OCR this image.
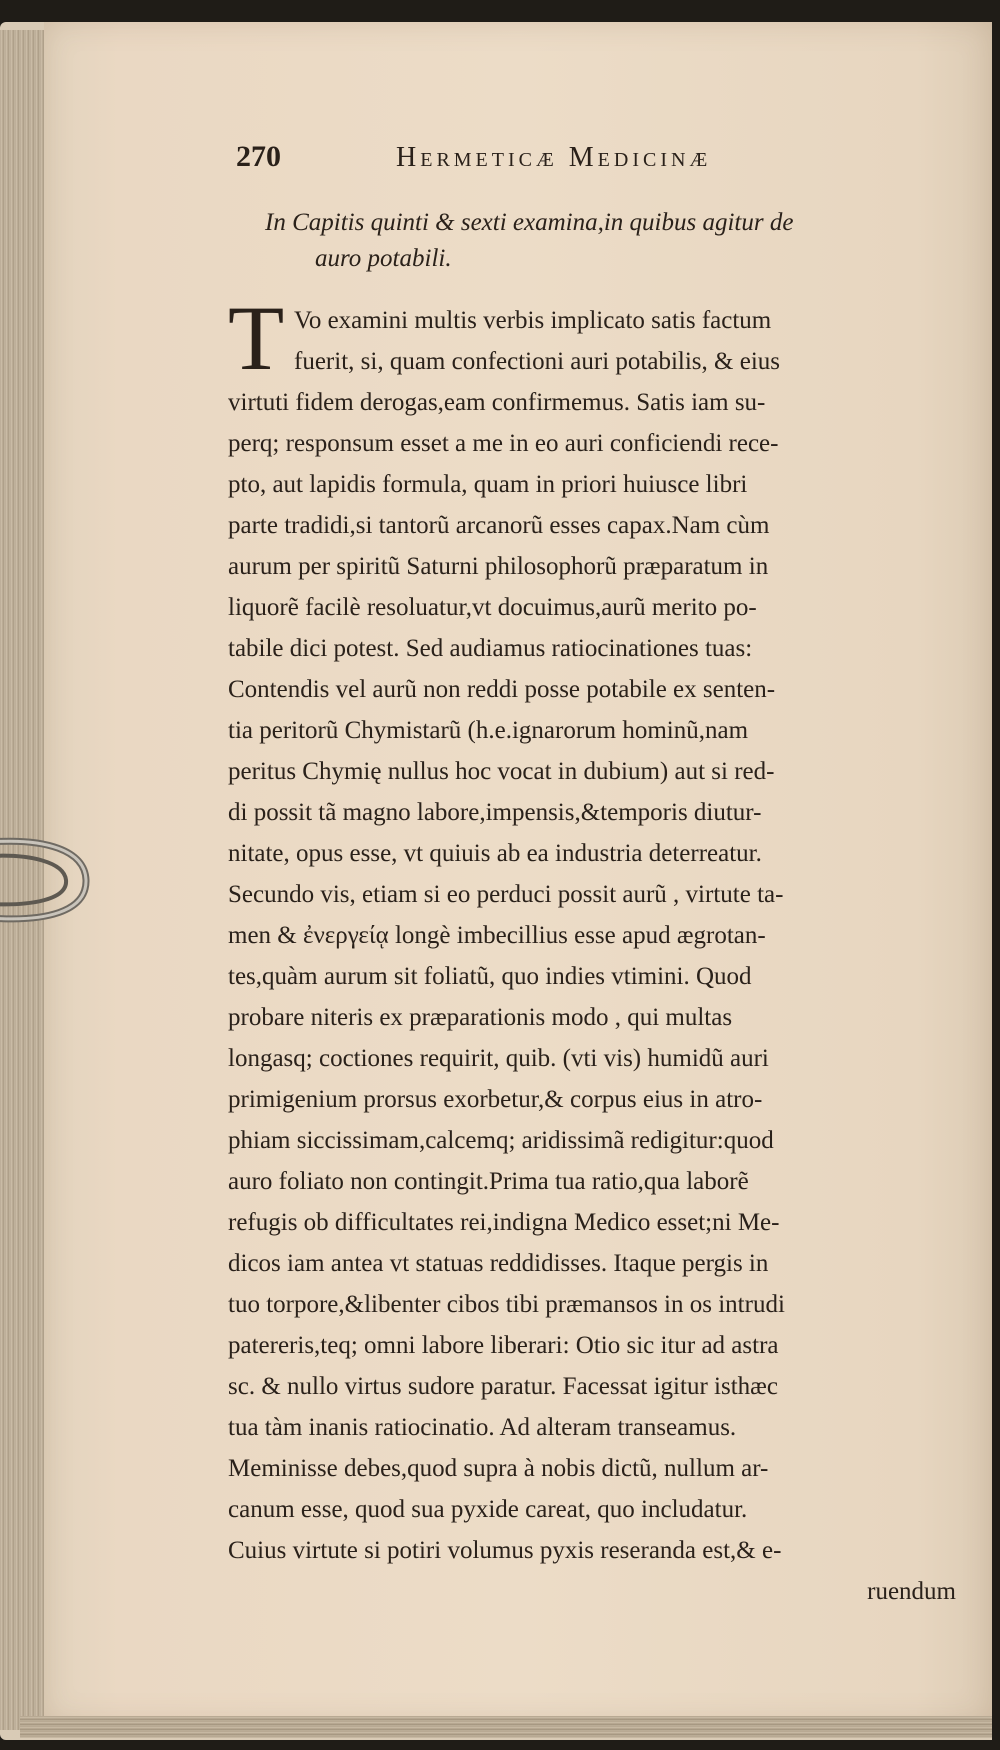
270	Hermeticæ Medicinæ
In Capitis quinti & sexti examina,in quibus agitur de
auro potabili.
T Vo examini multis verbis implicato satis factum
fuerit, si, quam confectioni auri potabilis, & eius
virtuti fidem derogas,eam confirmemus. Satis iam su-
perq; responsum esset a me in eo auri conficiendi rece-
pto, aut lapidis formula, quam in priori huiusce libri
parte tradidi,si tantorũ arcanorũ esses capax.Nam cùm
aurum per spiritũ Saturni philosophorũ præparatum in
liquorẽ facilè resoluatur,vt docuimus,aurũ merito po-
tabile dici potest. Sed audiamus ratiocinationes tuas:
Contendis vel aurũ non reddi posse potabile ex senten-
tia peritorũ Chymistarũ (h.e.ignarorum hominũ,nam
peritus Chymię nullus hoc vocat in dubium) aut si red-
di possit tã magno labore,impensis,&temporis diutur-
nitate, opus esse, vt quiuis ab ea industria deterreatur.
Secundo vis, etiam si eo perduci possit aurũ , virtute ta-
men & ἐνεργείᾳ longè imbecillius esse apud ægrotan-
tes,quàm aurum sit foliatũ, quo indies vtimini. Quod
probare niteris ex præparationis modo , qui multas
longasq; coctiones requirit, quib. (vti vis) humidũ auri
primigenium prorsus exorbetur,& corpus eius in atro-
phiam siccissimam,calcemq; aridissimã redigitur:quod
auro foliato non contingit.Prima tua ratio,qua laborẽ
refugis ob difficultates rei,indigna Medico esset;ni Me-
dicos iam antea vt statuas reddidisses. Itaque pergis in
tuo torpore,&libenter cibos tibi præmansos in os intrudi
patereris,teq; omni labore liberari: Otio sic itur ad astra
sc. & nullo virtus sudore paratur. Facessat igitur isthæc
tua tàm inanis ratiocinatio. Ad alteram transeamus.
Meminisse debes,quod supra à nobis dictũ, nullum ar-
canum esse, quod sua pyxide careat, quo includatur.
Cuius virtute si potiri volumus pyxis reseranda est,& e-
ruendum
